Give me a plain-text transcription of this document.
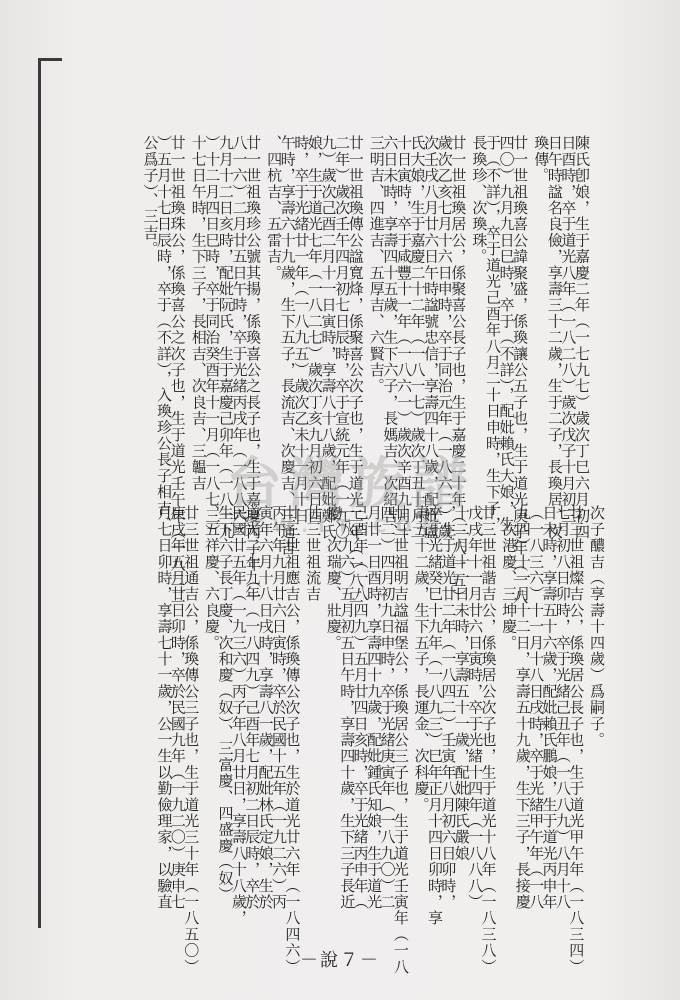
陳氏卽娘，生于嘉慶二年（一七九七）歲次丁巳六月初四
日酉時，卒于道光八年（一八二八）歲次戊子十月初三
日午時諡名良儉，享壽三十二歲，生于二子，長瑍居、次
瑍傳。
廿一世祖瑍喜公諱聚盛，係瑍讓公五子也，生于道光庚子年（一八
四〇）九月九日巳時，卒于（不詳），配妣賴氏大娘，生
于（不詳），卒于道光己酉年八月二十日申時，生下子，
長瑍珍、次瑍珠。
廿一世祖瑍居公，係聚喜公長子也，生于嘉慶二十年（一八一五）
歲次乙亥七月十六日申時，卒于同治元年（一八六二）歲
次壬戌八月廿六日午時諡號忠信，享壽四十八歲，配妣盧
氏大娘，生于嘉慶二十二年（一八一七）歲次丁丑十月二
十日寅時，卒于咸豐十一年（一八六一）歲次辛酉九月十
六日未時，享壽四十五歲，生下六子，長媽吉、次紹吉、
三明吉、四進吉、五厚吉、六賢吉。
廿一世祖瑍傳公諡寬烽，係聚喜公次子也，生于道光二年（一八二
二年）歲次壬午四月初七日辰時，卒于宣統元年（一九〇
九）歲次己酉二月十一日寅時，享壽八十八歲，配妣鄭氏
娘，生于道光七年（一八二七）歲次丁亥九月初六日酉
時，卒于光緒廿一年（一八九五）歲次乙未十一月十日
午時，享壽六十九歲，生下五子，長流吉、次慶吉、三通吉
、四杭吉、五雷吉。
廿一世祖瑍珍公號其揚，係瑍喜公之長子也，生于嘉慶丙子年（一
八一六）二月廿五日午時，卒于光緒丙戌年（一八八六）
九月十二日亥時，配妣阮氏，生于嘉慶己卯年（一八一九
）十二月四日巳時，卒于同治癸酉年十一月（一八七三）
十七日午時，生下三子，長相吉、次良吉、三韞吉
廿一世祖瑍珠公，係瑍喜公之次子也，生于道光壬午年（一八二二
）五月十七日辰時，卒于（不詳），入瑍珍公長子相吉、
公爲子）、三吉。
次子醲吉（享壽十四歲）爲嗣子。
廿三世祖燦吉公，係瑍居公長子也，生于道光甲午年（一八三四）
七月初八日卯時，卒于光緒己丑年（一八八九）八月十八
日未時，享壽五十六歲，配妣賴氏鵬娘，生于道光丙申年
（一八三六）十一月十八日戌時，卒于光緒甲午年（一八
九四）十一月十二日，享壽五十九歲，生下三子，長接慶
、次港慶、三坤慶。
廿三世祖諧吉公，係瑍居公次子也，生于道光十八年（一八三八）
戊戌年十一月廿六日寅時，卒于光緒十四年（一八八八）
十二月十一日未時，享壽五十一歲，配妣陳氏嚴娘
，生于道光廿二年（一八四二）壬寅年八月初六日卯時，
卒于光緒癸巳十九年（一八九三）巳年正月十四日卯時，享
壽五十二歲，生下五子，長運金、次科慶。
廿三世祖明吉諡福堡公，係瑍居公三子也，生于道光壬寅年（一八
四二）四月初九日申時，卒于光緒庚寅年（一八九〇）二
月廿一日酉時，享壽四十九歲，配妣鍾氏知娘，生于道光
己酉年（一八四九）五月廿四日亥時，卒于光緒丙申年（
一八九六）五月初五日午時，享壽四十歲，生下三子長近
慶、次瑞慶、壯慶。
廿三世祖流吉
廿三世祖應吉公，係瑍傳公次子也，生於道光廿六年（一八四六）
丙午年九月廿六日寅時，卒於民國十五年（一九二六）丙
寅年六月十八日戌時，享壽八一歲，配妣林氏定娘，生於
道光二十九年（一八四九）己酉年七月初二日辰時，卒於
民國廿五年（一九三六）丙子年八月廿日，享壽八十八歲，
生下六子長丁慶、次和慶（奴）、三富慶、四盛慶（奴）
、五祥慶、六良慶。
廿三世祖通吉公，係瑍傳公三子也，生于道光三十年（一八五〇）
庚戌年五月廿日卯時，卒於民國九年（一九二〇）庚申七
月七日卯時，享壽七十一歲，公一生以勤儉理家，以驗直
台灣族譜
TW.LT.COM
－說７－
